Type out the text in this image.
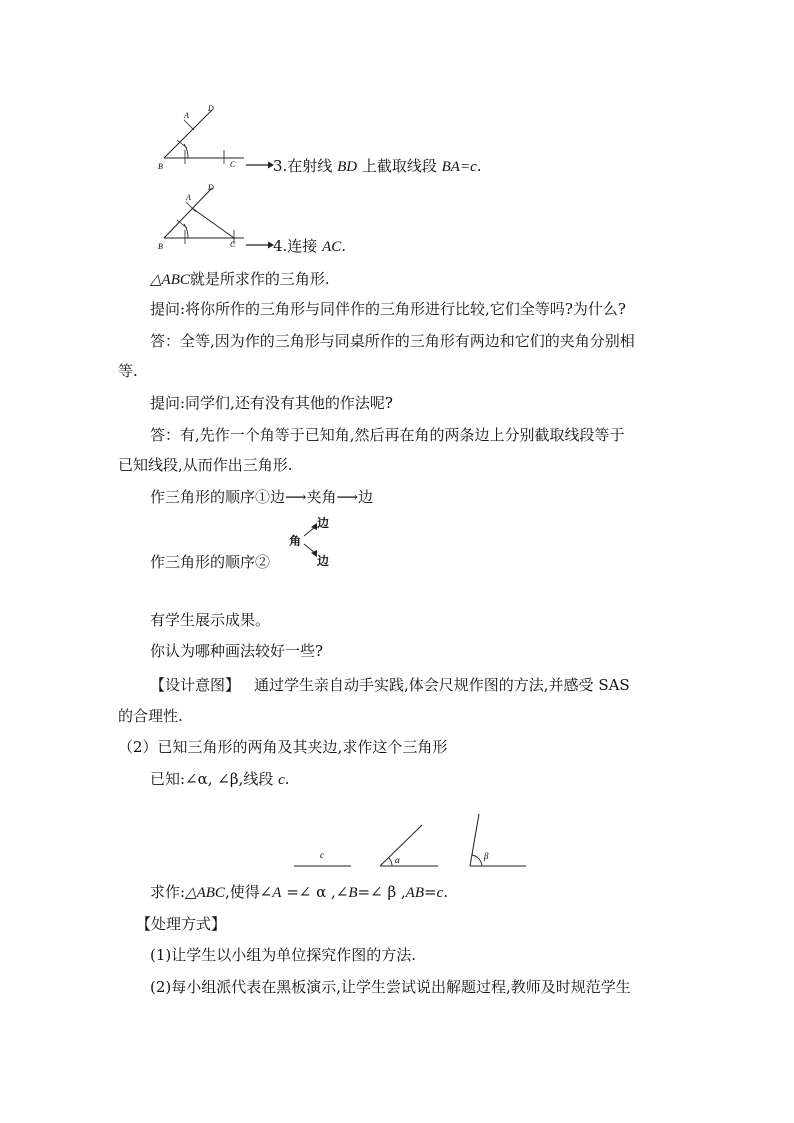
B	C
A
D
3.在射线 BD 上截取线段 BA=c.
B	C
A
D
4.连接 AC.
△ABC就是所求作的三角形.
提问:将你所作的三角形与同伴作的三角形进行比较,它们全等吗?为什么?
答：全等,因为作的三角形与同桌所作的三角形有两边和它们的夹角分别相
等.
提问:同学们,还有没有其他的作法呢?
答：有,先作一个角等于已知角,然后再在角的两条边上分别截取线段等于
已知线段,从而作出三角形.
作三角形的顺序①边⟶夹角⟶边
角
边
边
作三角形的顺序②
有学生展示成果。
你认为哪种画法较好一些?
【设计意图】 通过学生亲自动手实践,体会尺规作图的方法,并感受 SAS
的合理性.
（2）已知三角形的两角及其夹边,求作这个三角形
已知:∠α, ∠β,线段 c.
c	α	β
求作:△ABC,使得∠A =∠ α ,∠B=∠ β ,AB=c.
【处理方式】
(1)让学生以小组为单位探究作图的方法.
(2)每小组派代表在黑板演示,让学生尝试说出解题过程,教师及时规范学生
